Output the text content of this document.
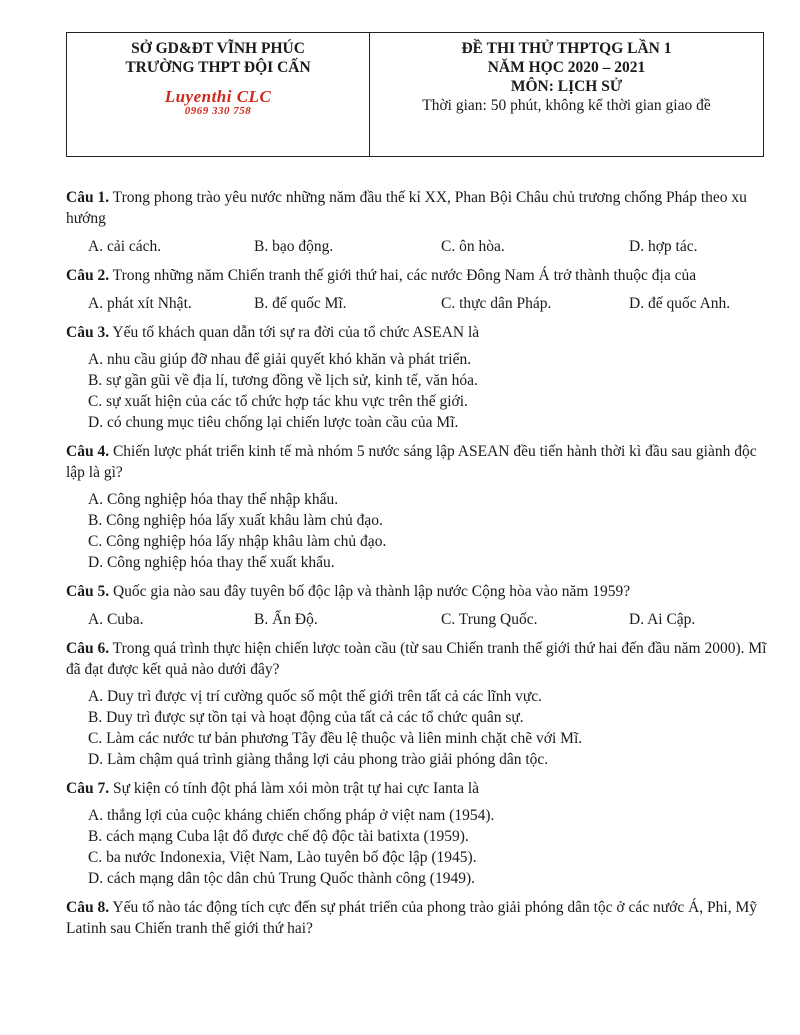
SỞ GD&ĐT VĨNH PHÚC
TRƯỜNG THPT ĐỘI CẤN
Luyenthi CLC
0969 330 758
ĐỀ THI THỬ THPTQG LẦN 1
NĂM HỌC 2020 – 2021
MÔN: LỊCH SỬ
Thời gian: 50 phút, không kể thời gian giao đề

Câu 1. Trong phong trào yêu nước những năm đầu thế kỉ XX, Phan Bội Châu chủ trương chống Pháp theo xu hướng

A. cải cách.	B. bạo động.	C. ôn hòa.	D. hợp tác.

Câu 2. Trong những năm Chiến tranh thế giới thứ hai, các nước Đông Nam Á trở thành thuộc địa của

A. phát xít Nhật.	B. đế quốc Mĩ.	C. thực dân Pháp.	D. đế quốc Anh.

Câu 3. Yếu tố khách quan dẫn tới sự ra đời của tổ chức ASEAN là

A. nhu cầu giúp đỡ nhau để giải quyết khó khăn và phát triển.
B. sự gần gũi về địa lí, tương đồng về lịch sử, kinh tế, văn hóa.
C. sự xuất hiện của các tổ chức hợp tác khu vực trên thế giới.
D. có chung mục tiêu chống lại chiến lược toàn cầu của Mĩ.

Câu 4. Chiến lược phát triển kinh tế mà nhóm 5 nước sáng lập ASEAN đều tiến hành thời kì đầu sau giành độc lập là gì?

A. Công nghiệp hóa thay thế nhập khẩu.
B. Công nghiệp hóa lấy xuất khâu làm chủ đạo.
C. Công nghiệp hóa lấy nhập khâu làm chủ đạo.
D. Công nghiệp hóa thay thế xuất khẩu.

Câu 5. Quốc gia nào sau đây tuyên bố độc lập và thành lập nước Cộng hòa vào năm 1959?

A. Cuba.	B. Ấn Độ.	C. Trung Quốc.	D. Ai Cập.

Câu 6. Trong quá trình thực hiện chiến lược toàn cầu (từ sau Chiến tranh thế giới thứ hai đến đầu năm 2000). Mĩ đã đạt được kết quả nào dưới đây?

A. Duy trì được vị trí cường quốc số một thế giới trên tất cả các lĩnh vực.
B. Duy trì được sự tồn tại và hoạt động của tất cả các tổ chức quân sự.
C. Làm các nước tư bản phương Tây đều lệ thuộc và liên minh chặt chẽ với Mĩ.
D. Làm chậm quá trình giàng thắng lợi cảu phong trào giải phóng dân tộc.

Câu 7. Sự kiện có tính đột phá làm xói mòn trật tự hai cực Ianta là

A. thắng lợi của cuộc kháng chiến chống pháp ở việt nam (1954).
B. cách mạng Cuba lật đổ được chế độ độc tài batixta (1959).
C. ba nước Indonexia, Việt Nam, Lào tuyên bố độc lập (1945).
D. cách mạng dân tộc dân chủ Trung Quốc thành công (1949).

Câu 8. Yếu tố nào tác động tích cực đến sự phát triển của phong trào giải phóng dân tộc ở các nước Á, Phi, Mỹ Latinh sau Chiến tranh thế giới thứ hai?
